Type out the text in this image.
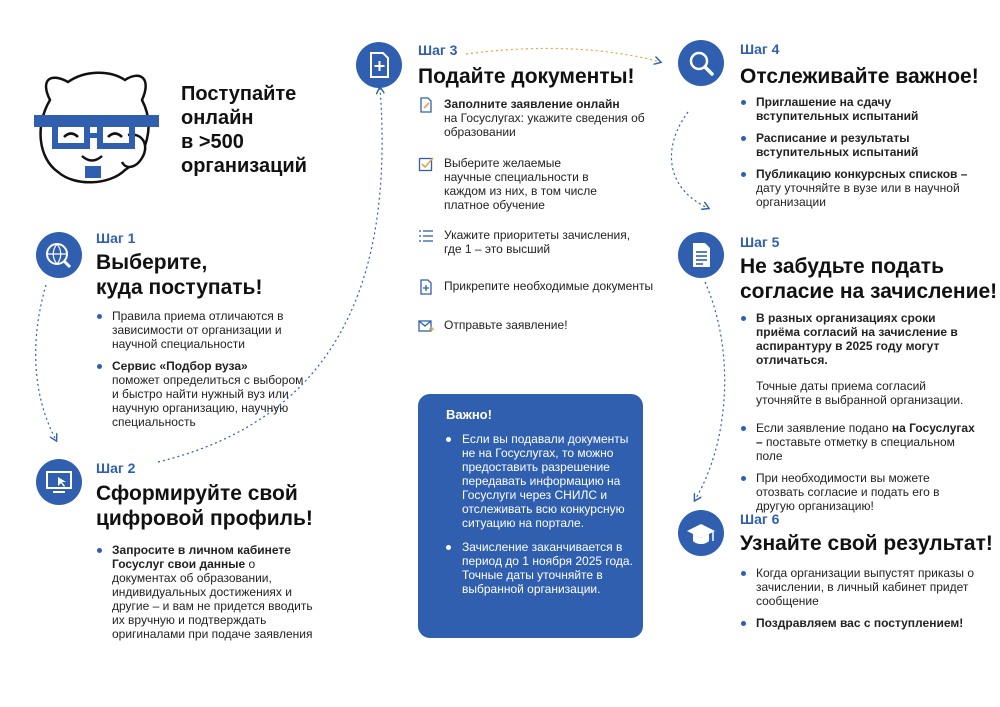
Поступайте
онлайн
в >500
организаций
Шаг 1
Выберите,
куда поступать!
Правила приема отличаются в зависимости от организации и научной специальности
Сервис «Подбор вуза»
поможет определиться с выбором и быстро найти нужный вуз или научную организацию, научную специальность
Шаг 2
Сформируйте свой
цифровой профиль!
Запросите в личном кабинете Госуслуг свои данные о документах об образовании, индивидуальных достижениях и другие – и вам не придется вводить их вручную и подтверждать оригиналами при подаче заявления
Шаг 3
Подайте документы!
Заполните заявление онлайн
на Госуслугах: укажите сведения об образовании
Выберите желаемые научные специальности в каждом из них, в том числе платное обучение
Укажите приоритеты зачисления, где 1 – это высший
Прикрепите необходимые документы
Отправьте заявление!
Важно!
Если вы подавали документы не на Госуслугах, то можно предоставить разрешение передавать информацию на Госуслуги через СНИЛС и отслеживать всю конкурсную ситуацию на портале.
Зачисление заканчивается в период до 1 ноября 2025 года. Точные даты уточняйте в выбранной организации.
Шаг 4
Отслеживайте важное!
Приглашение на сдачу вступительных испытаний
Расписание и результаты вступительных испытаний
Публикацию конкурсных списков – дату уточняйте в вузе или в научной организации
Шаг 5
Не забудьте подать
согласие на зачисление!
В разных организациях сроки приёма согласий на зачисление в аспирантуру в 2025 году могут отличаться.
Точные даты приема согласий уточняйте в выбранной организации.
Если заявление подано на Госуслугах – поставьте отметку в специальном поле
При необходимости вы можете отозвать согласие и подать его в другую организацию!
Шаг 6
Узнайте свой результат!
Когда организации выпустят приказы о зачислении, в личный кабинет придет сообщение
Поздравляем вас с поступлением!
